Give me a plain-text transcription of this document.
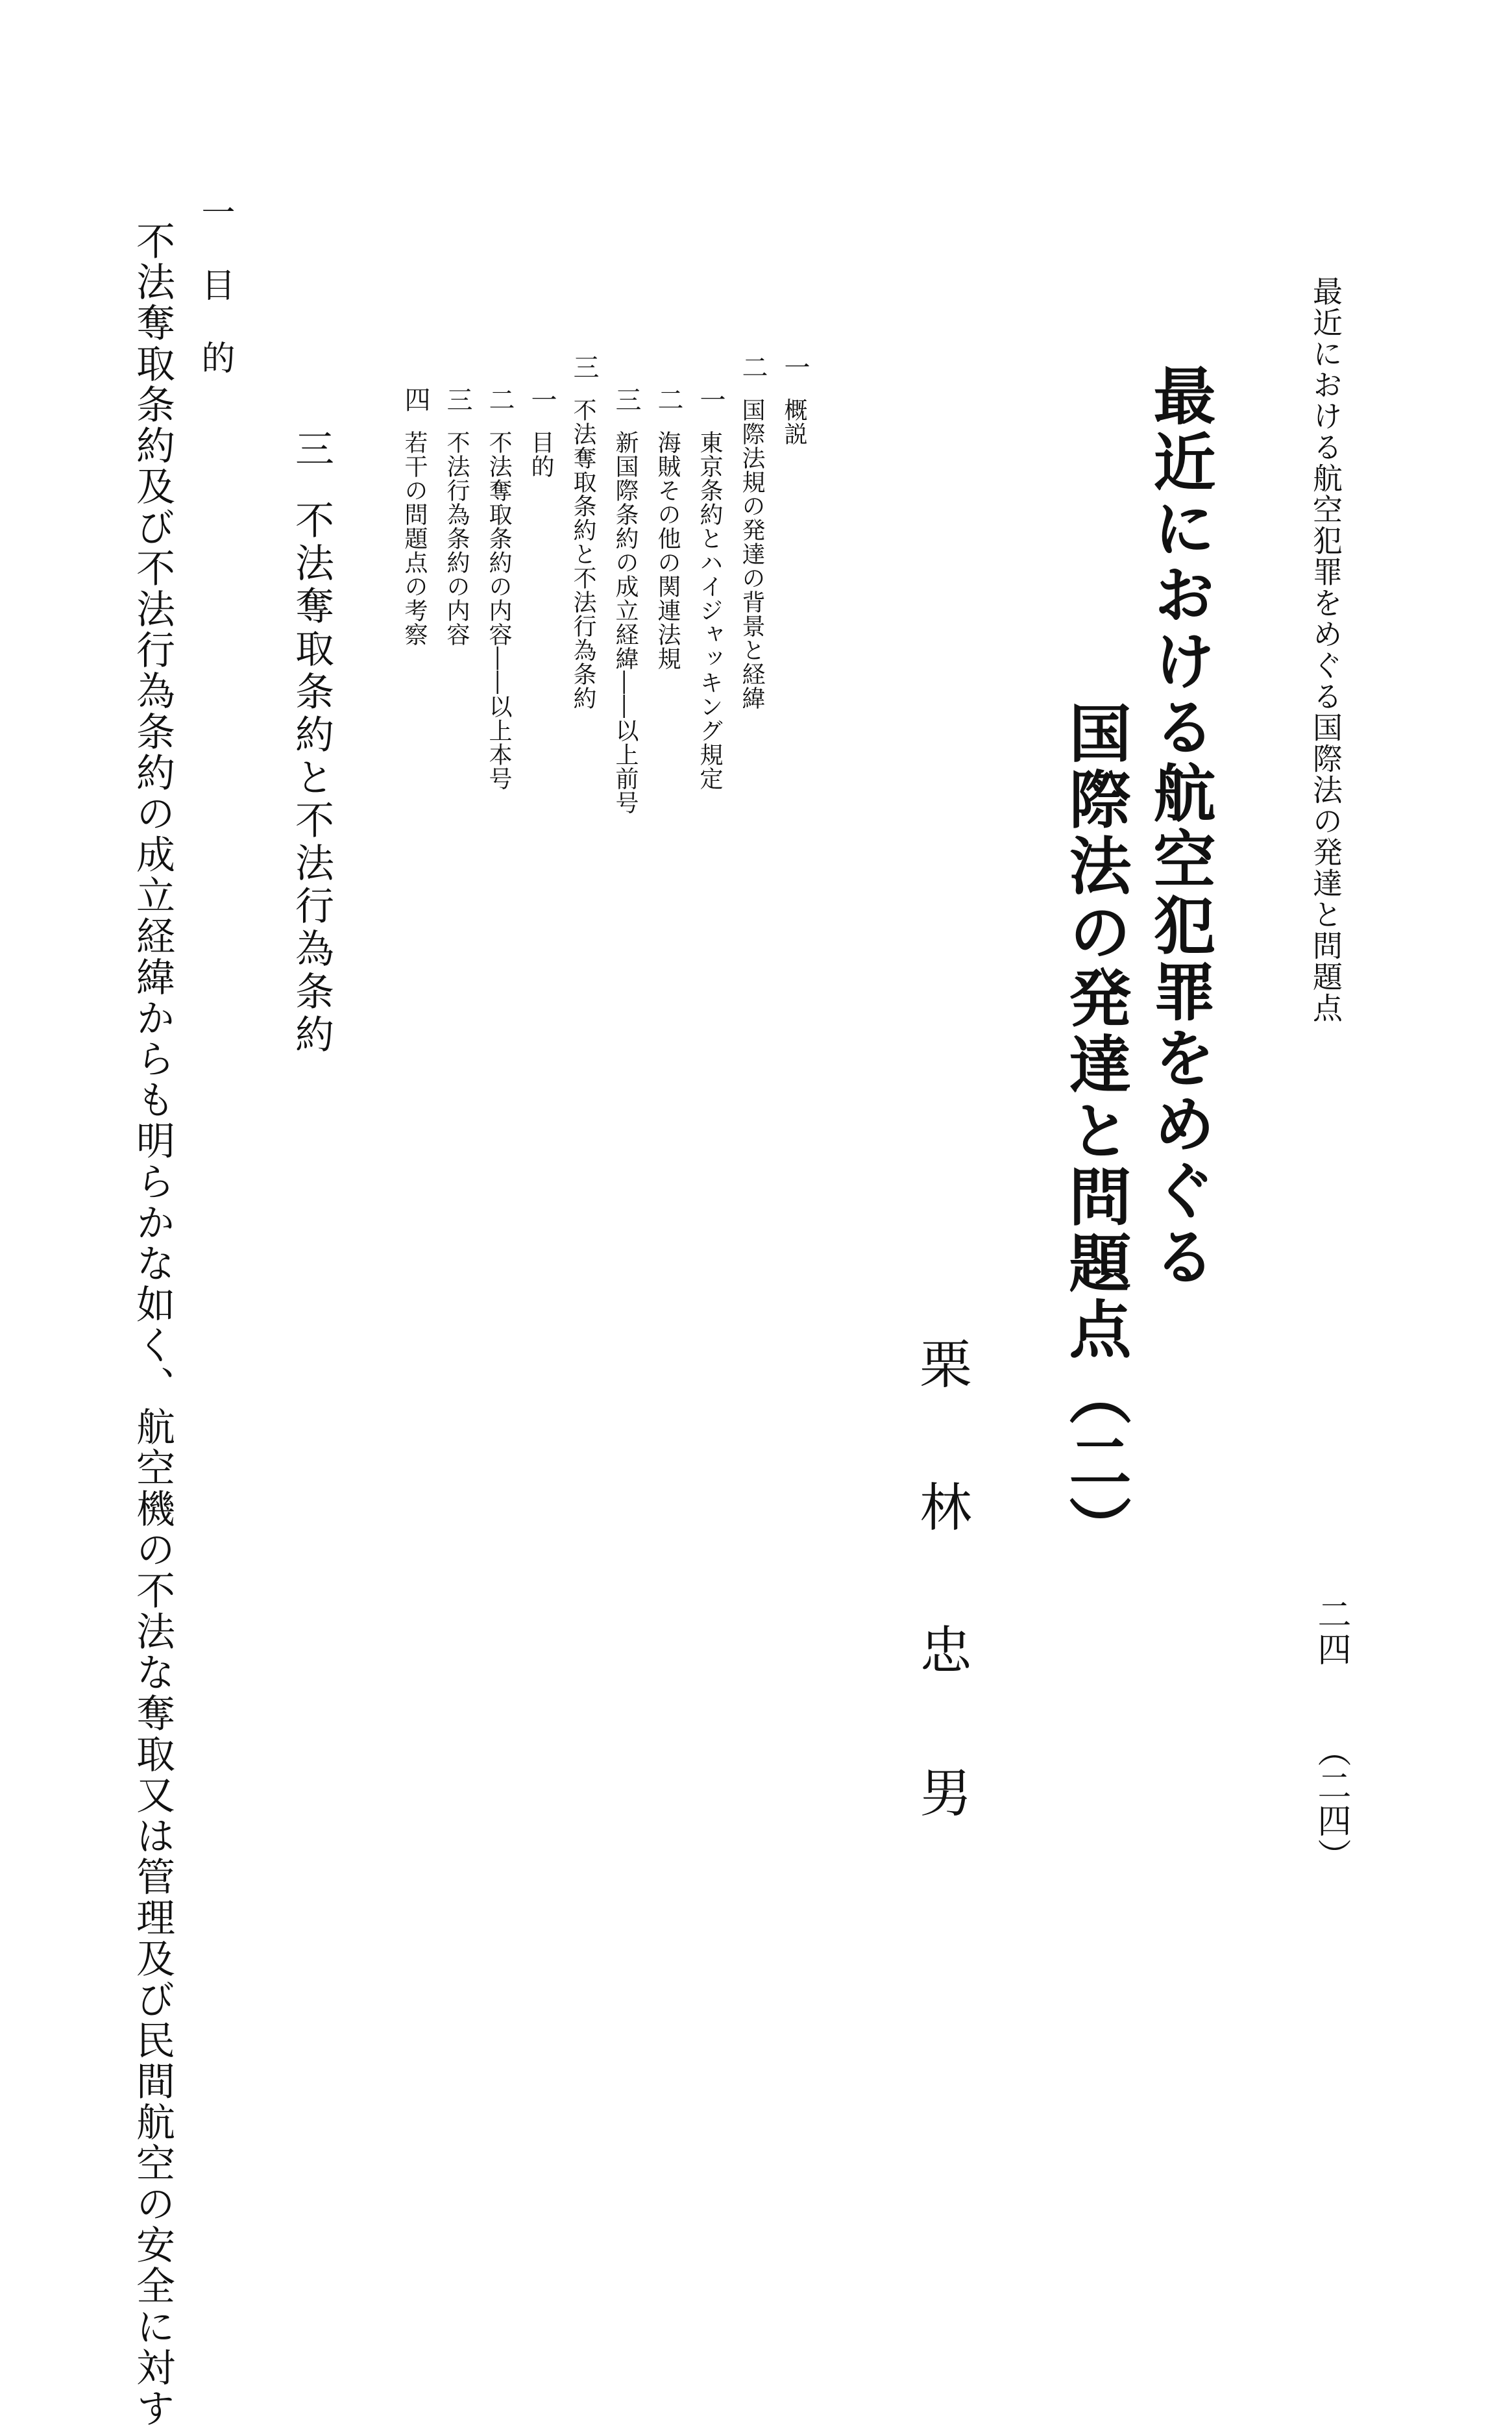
最近における航空犯罪をめぐる国際法の発達と問題点
二四
（二四）
最近における航空犯罪をめぐる
国際法の発達と問題点（二）
栗林忠男
一
概説
二
国際法規の発達の背景と経緯
一
東京条約とハイジャッキング規定
二
海賊その他の関連法規
三
新国際条約の成立経緯――以上前号
三
不法奪取条約と不法行為条約
一
目的
二
不法奪取条約の内容――以上本号
三
不法行為条約の内容
四
若干の問題点の考察
三
不法奪取条約と不法行為条約
一
目的

不法奪取条約及び不法行為条約の成立経緯からも明らかな如く、航空機の不法な奪取又は管理及び民間航空の安全に対す
